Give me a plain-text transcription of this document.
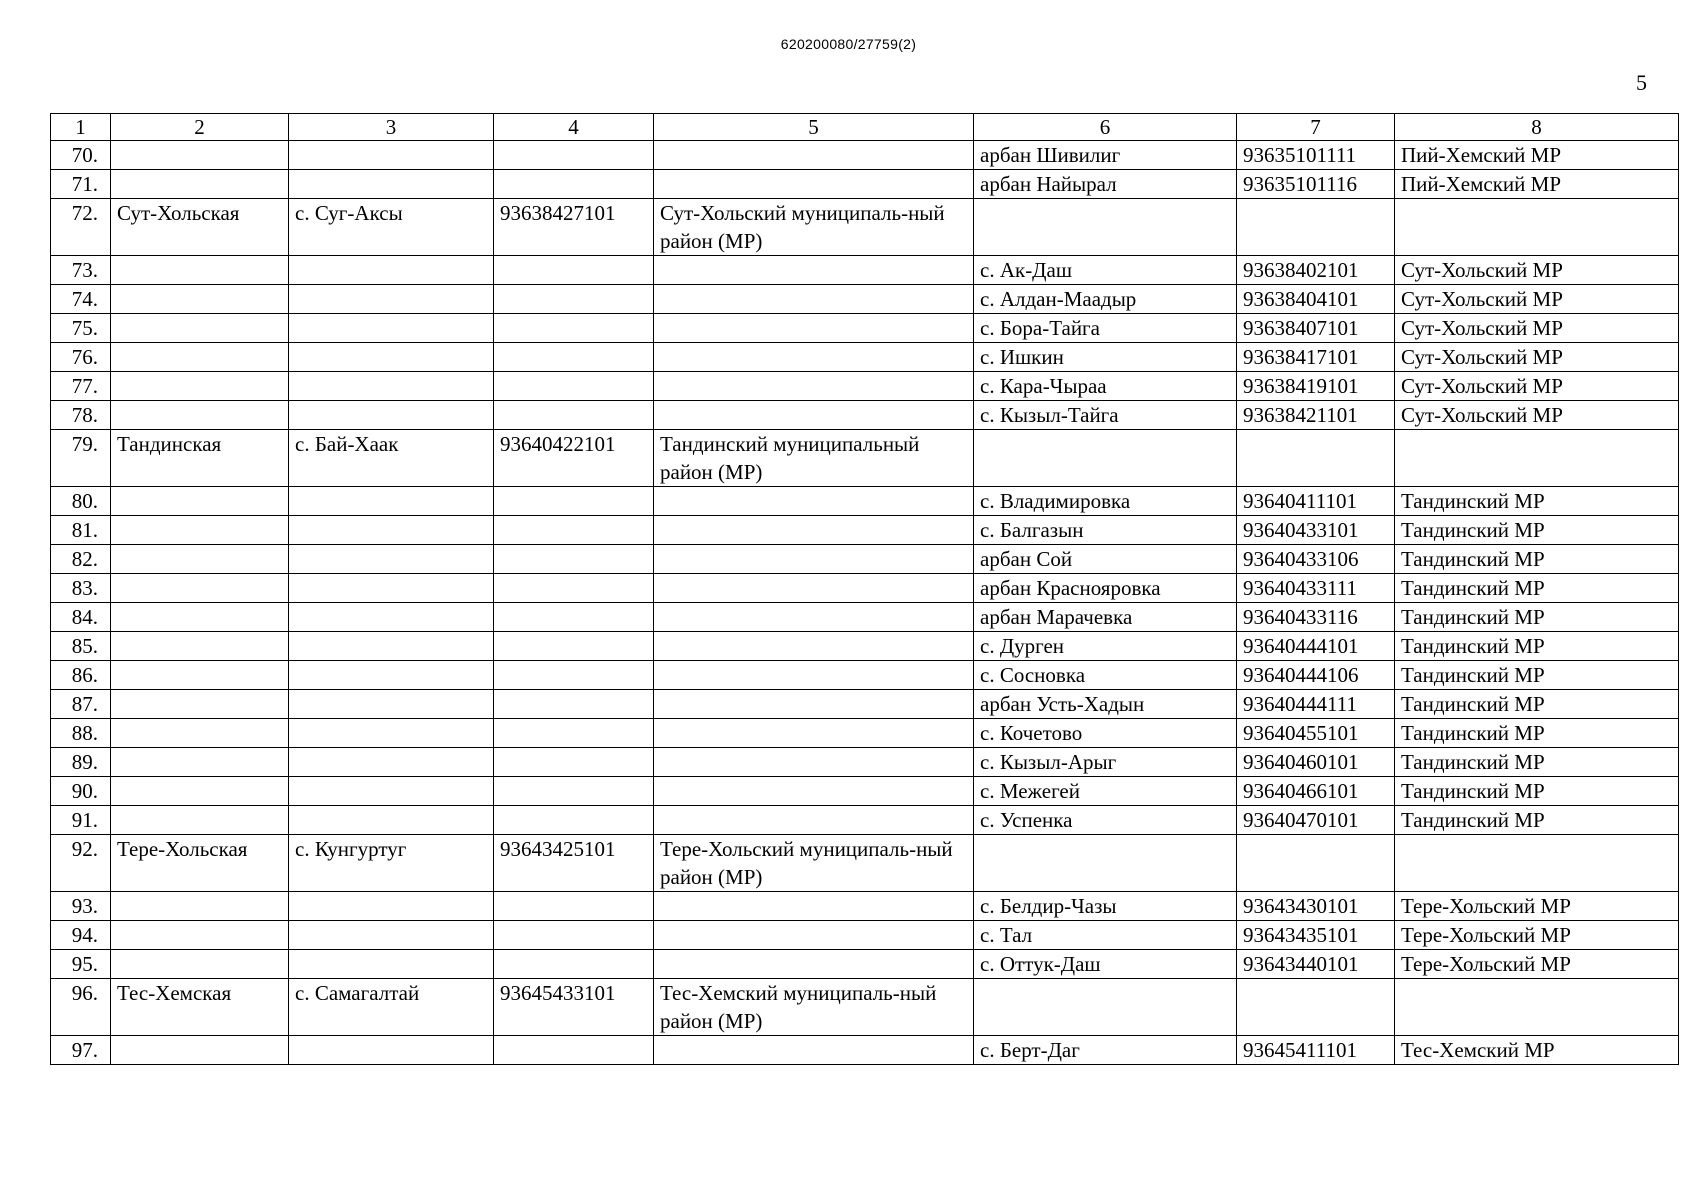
620200080/27759(2)
5
1	2	3	4	5	6	7	8
70.					арбан Шивилиг	93635101111	Пий-Хемский МР
71.					арбан Найырал	93635101116	Пий-Хемский МР
72.	Сут-Хольская	с. Суг-Аксы	93638427101	Сут-Хольский муниципаль-ный район (МР)			
73.					с. Ак-Даш	93638402101	Сут-Хольский МР
74.					с. Алдан-Маадыр	93638404101	Сут-Хольский МР
75.					с. Бора-Тайга	93638407101	Сут-Хольский МР
76.					с. Ишкин	93638417101	Сут-Хольский МР
77.					с. Кара-Чыраа	93638419101	Сут-Хольский МР
78.					с. Кызыл-Тайга	93638421101	Сут-Хольский МР
79.	Тандинская	с. Бай-Хаак	93640422101	Тандинский муниципальный район (МР)			
80.					с. Владимировка	93640411101	Тандинский МР
81.					с. Балгазын	93640433101	Тандинский МР
82.					арбан Сой	93640433106	Тандинский МР
83.					арбан Краснояровка	93640433111	Тандинский МР
84.					арбан Марачевка	93640433116	Тандинский МР
85.					с. Дурген	93640444101	Тандинский МР
86.					с. Сосновка	93640444106	Тандинский МР
87.					арбан Усть-Хадын	93640444111	Тандинский МР
88.					с. Кочетово	93640455101	Тандинский МР
89.					с. Кызыл-Арыг	93640460101	Тандинский МР
90.					с. Межегей	93640466101	Тандинский МР
91.					с. Успенка	93640470101	Тандинский МР
92.	Тере-Хольская	с. Кунгуртуг	93643425101	Тере-Хольский муниципаль-ный район (МР)			
93.					с. Белдир-Чазы	93643430101	Тере-Хольский МР
94.					с. Тал	93643435101	Тере-Хольский МР
95.					с. Оттук-Даш	93643440101	Тере-Хольский МР
96.	Тес-Хемская	с. Самагалтай	93645433101	Тес-Хемский муниципаль-ный район (МР)			
97.					с. Берт-Даг	93645411101	Тес-Хемский МР
